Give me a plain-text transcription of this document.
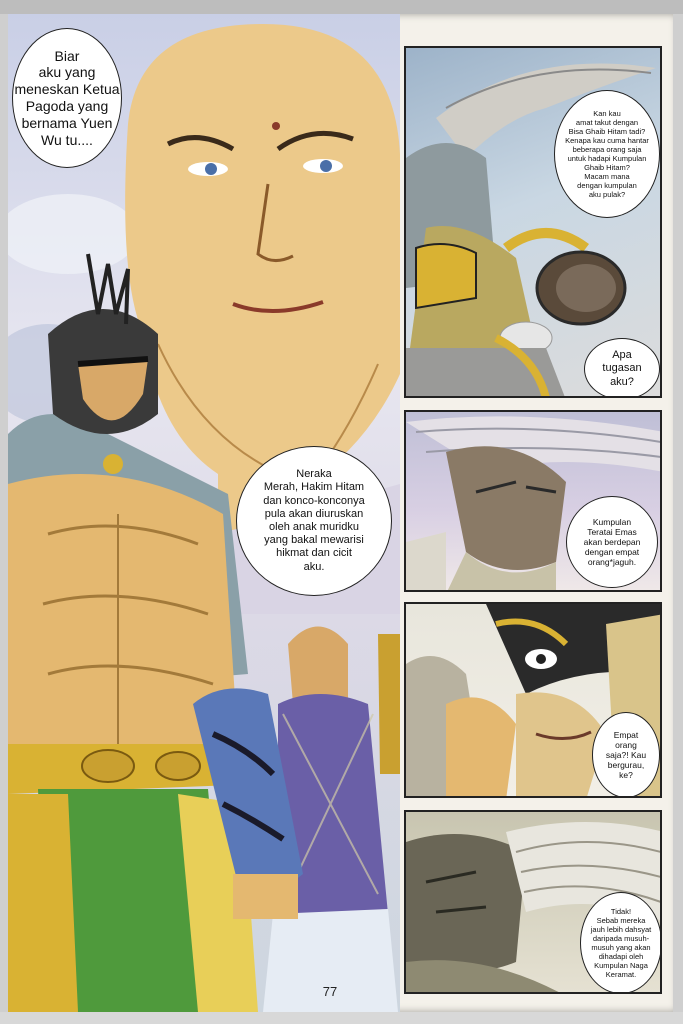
Biar
aku yang
meneskan Ketua
Pagoda yang
bernama Yuen
Wu tu....
Neraka
Merah, Hakim Hitam
dan konco-konconya
pula akan diuruskan
oleh anak muridku
yang bakal mewarisi
hikmat dan cicit
aku.
Kan kau
amat takut dengan
Bisa Ghaib Hitam tadi?
Kenapa kau cuma hantar
beberapa orang saja
untuk hadapi Kumpulan
Ghaib Hitam?
Macam mana
dengan kumpulan
aku pulak?
Apa
tugasan
aku?
Kumpulan
Teratai Emas
akan berdepan
dengan empat
orang*jaguh.
Empat
orang
saja?! Kau
bergurau,
ke?
Tidak!
Sebab mereka
jauh lebih dahsyat
daripada musuh-
musuh yang akan
dihadapi oleh
Kumpulan Naga
Keramat.
77
